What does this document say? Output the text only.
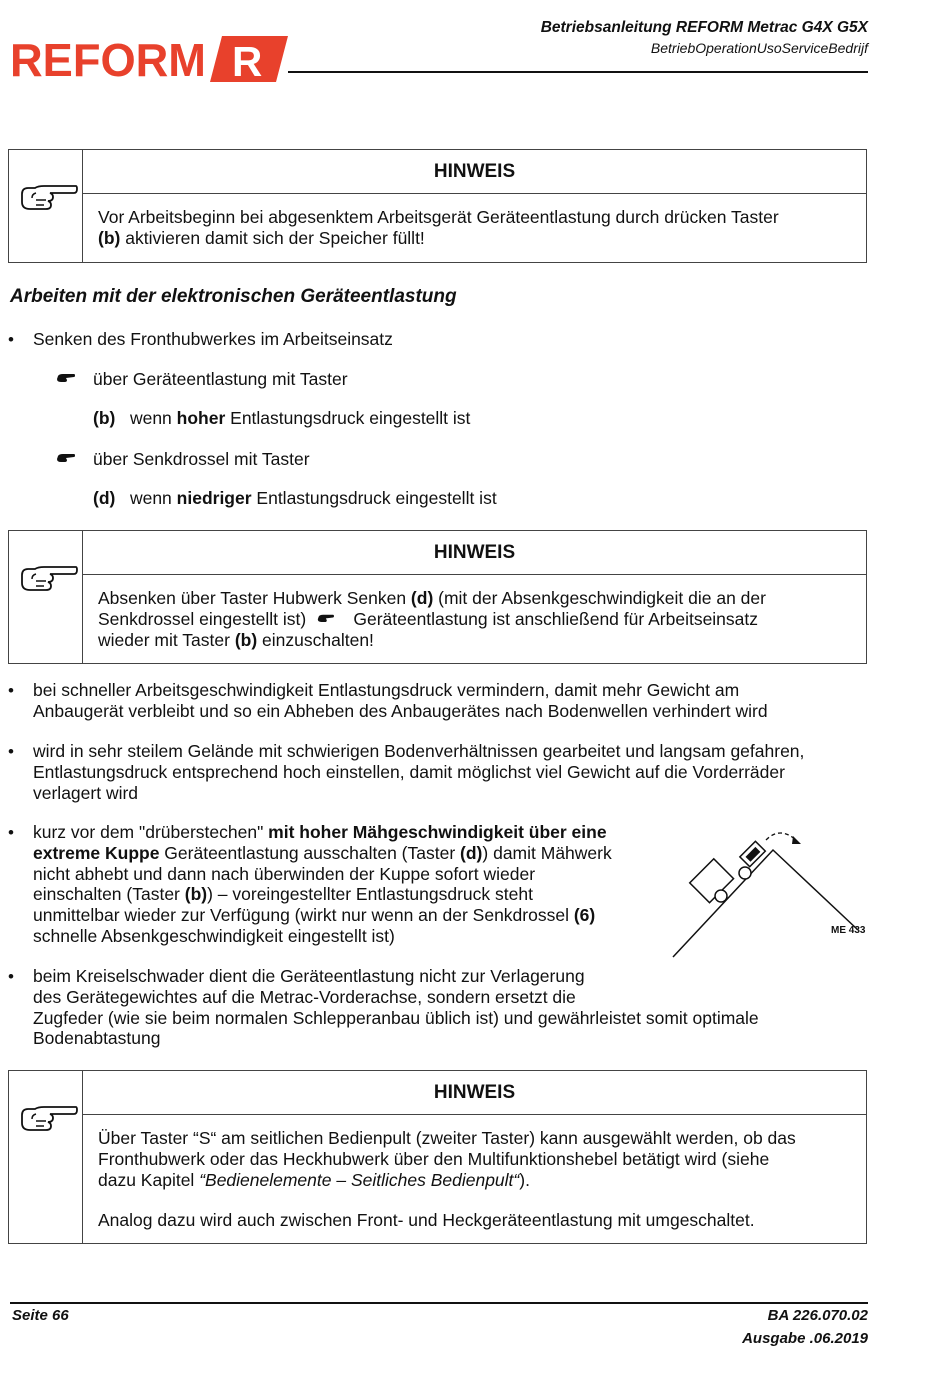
REFORM R
Betriebsanleitung REFORM Metrac G4X G5X
BetriebOperationUsoServiceBedrijf
HINWEIS
Vor Arbeitsbeginn bei abgesenktem Arbeitsgerät Geräteentlastung durch drücken Taster
(b) aktivieren damit sich der Speicher füllt!
Arbeiten mit der elektronischen Geräteentlastung
• Senken des Fronthubwerkes im Arbeitseinsatz
über Geräteentlastung mit Taster
(b) wenn hoher Entlastungsdruck eingestellt ist
über Senkdrossel mit Taster
(d) wenn niedriger Entlastungsdruck eingestellt ist
HINWEIS
Absenken über Taster Hubwerk Senken (d) (mit der Absenkgeschwindigkeit die an der
Senkdrossel eingestellt ist)	Geräteentlastung ist anschließend für Arbeitseinsatz
wieder mit Taster (b) einzuschalten!
• bei schneller Arbeitsgeschwindigkeit Entlastungsdruck vermindern, damit mehr Gewicht am
Anbaugerät verbleibt und so ein Abheben des Anbaugerätes nach Bodenwellen verhindert wird
• wird in sehr steilem Gelände mit schwierigen Bodenverhältnissen gearbeitet und langsam gefahren,
Entlastungsdruck entsprechend hoch einstellen, damit möglichst viel Gewicht auf die Vorderräder
verlagert wird
• kurz vor dem "drüberstechen" mit hoher Mähgeschwindigkeit über eine
extreme Kuppe Geräteentlastung ausschalten (Taster (d)) damit Mähwerk
nicht abhebt und dann nach überwinden der Kuppe sofort wieder
einschalten (Taster (b)) – voreingestellter Entlastungsdruck steht
unmittelbar wieder zur Verfügung (wirkt nur wenn an der Senkdrossel (6)
schnelle Absenkgeschwindigkeit eingestellt ist)	ME 433
• beim Kreiselschwader dient die Geräteentlastung nicht zur Verlagerung
des Gerätegewichtes auf die Metrac-Vorderachse, sondern ersetzt die
Zugfeder (wie sie beim normalen Schlepperanbau üblich ist) und gewährleistet somit optimale
Bodenabtastung
HINWEIS
Über Taster “S“ am seitlichen Bedienpult (zweiter Taster) kann ausgewählt werden, ob das
Fronthubwerk oder das Heckhubwerk über den Multifunktionshebel betätigt wird (siehe
dazu Kapitel “Bedienelemente – Seitliches Bedienpult“).
Analog dazu wird auch zwischen Front- und Heckgeräteentlastung mit umgeschaltet.
Seite 66	BA 226.070.02
Ausgabe .06.2019
